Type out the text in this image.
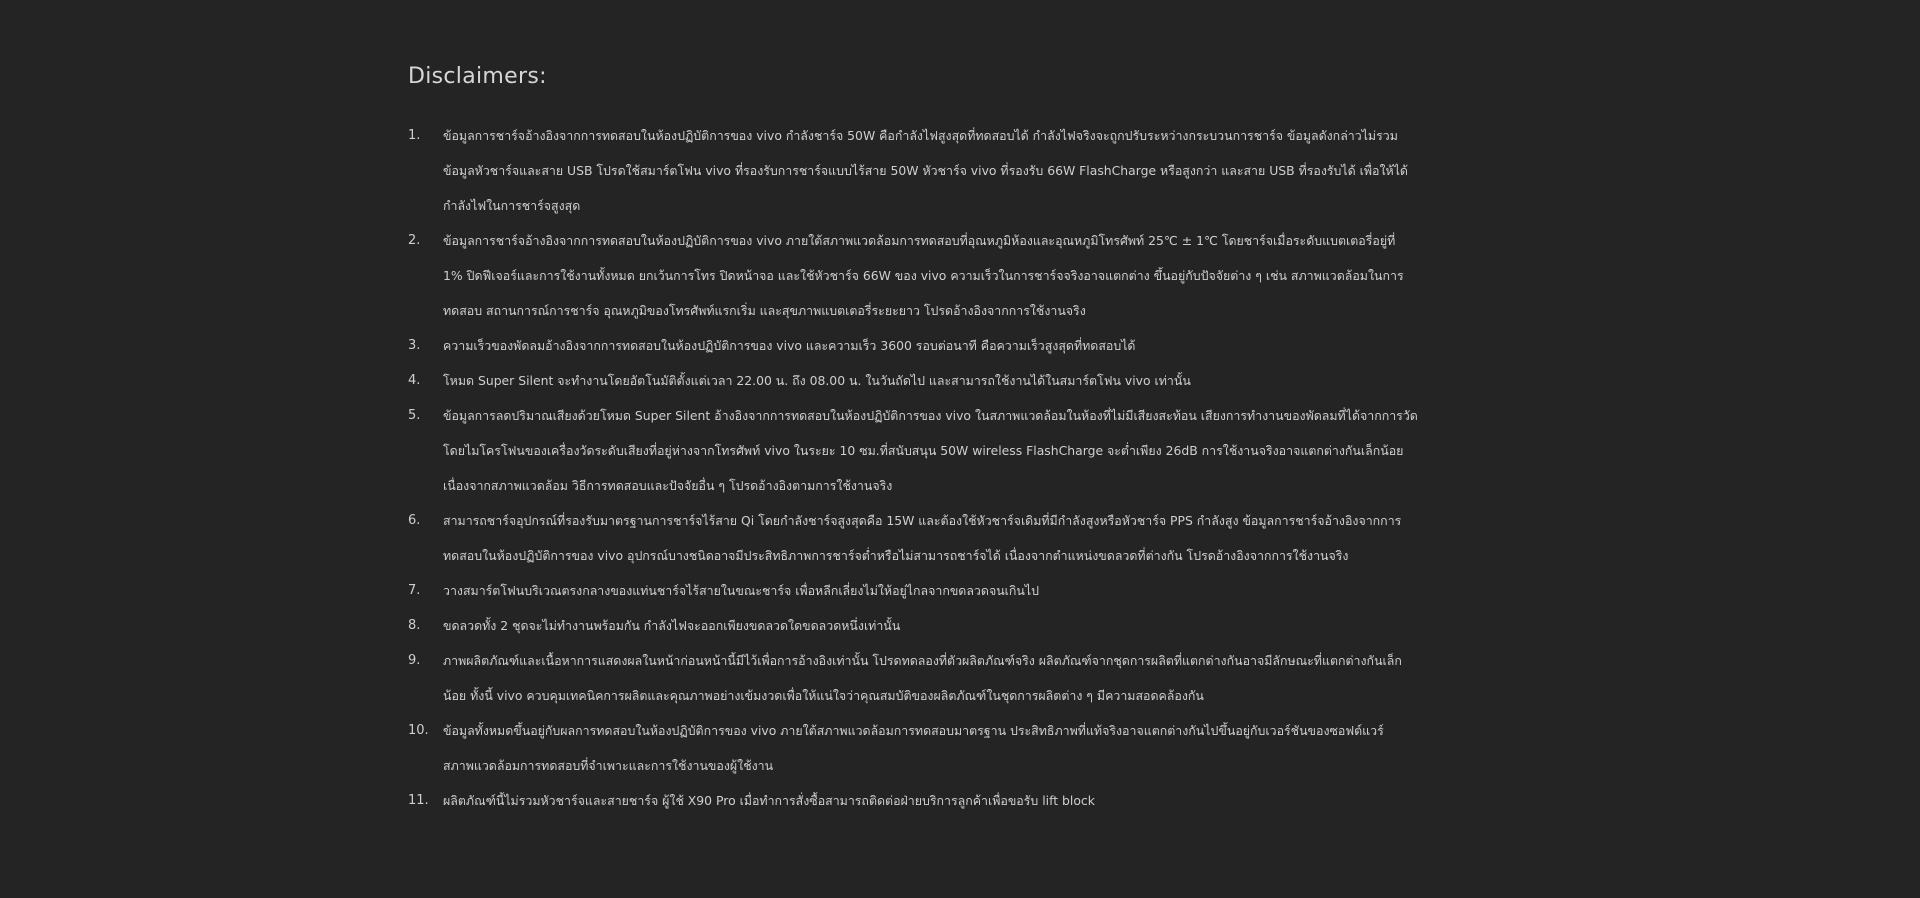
Disclaimers:
1.	ข้อมูลการชาร์จอ้างอิงจากการทดสอบในห้องปฏิบัติการของ vivo กำลังชาร์จ 50W คือกำลังไฟสูงสุดที่ทดสอบได้ กำลังไฟจริงจะถูกปรับระหว่างกระบวนการชาร์จ ข้อมูลดังกล่าวไม่รวม
ข้อมูลหัวชาร์จและสาย USB โปรดใช้สมาร์ตโฟน vivo ที่รองรับการชาร์จแบบไร้สาย 50W หัวชาร์จ vivo ที่รองรับ 66W FlashCharge หรือสูงกว่า และสาย USB ที่รองรับได้ เพื่อให้ได้
กำลังไฟในการชาร์จสูงสุด
2.	ข้อมูลการชาร์จอ้างอิงจากการทดสอบในห้องปฏิบัติการของ vivo ภายใต้สภาพแวดล้อมการทดสอบที่อุณหภูมิห้องและอุณหภูมิโทรศัพท์ 25℃ ± 1℃ โดยชาร์จเมื่อระดับแบตเตอรี่อยู่ที่
1% ปิดฟีเจอร์และการใช้งานทั้งหมด ยกเว้นการโทร ปิดหน้าจอ และใช้หัวชาร์จ 66W ของ vivo ความเร็วในการชาร์จจริงอาจแตกต่าง ขึ้นอยู่กับปัจจัยต่าง ๆ เช่น สภาพแวดล้อมในการ
ทดสอบ สถานการณ์การชาร์จ อุณหภูมิของโทรศัพท์แรกเริ่ม และสุขภาพแบตเตอรี่ระยะยาว โปรดอ้างอิงจากการใช้งานจริง
3.	ความเร็วของพัดลมอ้างอิงจากการทดสอบในห้องปฏิบัติการของ vivo และความเร็ว 3600 รอบต่อนาที คือความเร็วสูงสุดที่ทดสอบได้
4.	โหมด Super Silent จะทำงานโดยอัตโนมัติตั้งแต่เวลา 22.00 น. ถึง 08.00 น. ในวันถัดไป และสามารถใช้งานได้ในสมาร์ตโฟน vivo เท่านั้น
5.	ข้อมูลการลดปริมาณเสียงด้วยโหมด Super Silent อ้างอิงจากการทดสอบในห้องปฏิบัติการของ vivo ในสภาพแวดล้อมในห้องที่ไม่มีเสียงสะท้อน เสียงการทำงานของพัดลมที่ได้จากการวัด
โดยไมโครโฟนของเครื่องวัดระดับเสียงที่อยู่ห่างจากโทรศัพท์ vivo ในระยะ 10 ซม.ที่สนับสนุน 50W wireless FlashCharge จะต่ำเพียง 26dB การใช้งานจริงอาจแตกต่างกันเล็กน้อย
เนื่องจากสภาพแวดล้อม วิธีการทดสอบและปัจจัยอื่น ๆ โปรดอ้างอิงตามการใช้งานจริง
6.	สามารถชาร์จอุปกรณ์ที่รองรับมาตรฐานการชาร์จไร้สาย Qi โดยกำลังชาร์จสูงสุดคือ 15W และต้องใช้หัวชาร์จเดิมที่มีกำลังสูงหรือหัวชาร์จ PPS กำลังสูง ข้อมูลการชาร์จอ้างอิงจากการ
ทดสอบในห้องปฏิบัติการของ vivo อุปกรณ์บางชนิดอาจมีประสิทธิภาพการชาร์จต่ำหรือไม่สามารถชาร์จได้ เนื่องจากตำแหน่งขดลวดที่ต่างกัน โปรดอ้างอิงจากการใช้งานจริง
7.	วางสมาร์ตโฟนบริเวณตรงกลางของแท่นชาร์จไร้สายในขณะชาร์จ เพื่อหลีกเลี่ยงไม่ให้อยู่ไกลจากขดลวดจนเกินไป
8.	ขดลวดทั้ง 2 ชุดจะไม่ทำงานพร้อมกัน กำลังไฟจะออกเพียงขดลวดใดขดลวดหนึ่งเท่านั้น
9.	ภาพผลิตภัณฑ์และเนื้อหาการแสดงผลในหน้าก่อนหน้านี้มีไว้เพื่อการอ้างอิงเท่านั้น โปรดทดลองที่ตัวผลิตภัณฑ์จริง ผลิตภัณฑ์จากชุดการผลิตที่แตกต่างกันอาจมีลักษณะที่แตกต่างกันเล็ก
น้อย ทั้งนี้ vivo ควบคุมเทคนิคการผลิตและคุณภาพอย่างเข้มงวดเพื่อให้แน่ใจว่าคุณสมบัติของผลิตภัณฑ์ในชุดการผลิตต่าง ๆ มีความสอดคล้องกัน
10.	ข้อมูลทั้งหมดขึ้นอยู่กับผลการทดสอบในห้องปฏิบัติการของ vivo ภายใต้สภาพแวดล้อมการทดสอบมาตรฐาน ประสิทธิภาพที่แท้จริงอาจแตกต่างกันไปขึ้นอยู่กับเวอร์ชันของซอฟต์แวร์
สภาพแวดล้อมการทดสอบที่จำเพาะและการใช้งานของผู้ใช้งาน
11.	ผลิตภัณฑ์นี้ไม่รวมหัวชาร์จและสายชาร์จ ผู้ใช้ X90 Pro เมื่อทำการสั่งซื้อสามารถติดต่อฝ่ายบริการลูกค้าเพื่อขอรับ lift block
